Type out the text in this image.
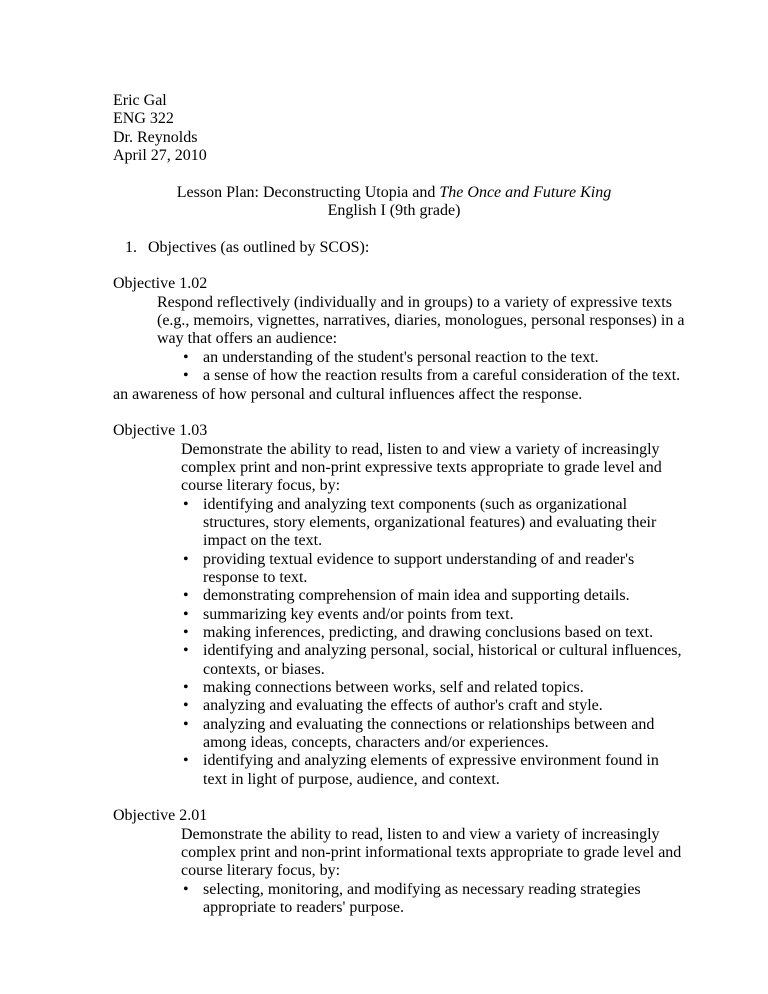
Eric Gal
ENG 322
Dr. Reynolds
April 27, 2010
Lesson Plan: Deconstructing Utopia and The Once and Future King
English I (9th grade)
1. Objectives (as outlined by SCOS):
Objective 1.02
Respond reflectively (individually and in groups) to a variety of expressive texts
(e.g., memoirs, vignettes, narratives, diaries, monologues, personal responses) in a
way that offers an audience:
• an understanding of the student's personal reaction to the text.
• a sense of how the reaction results from a careful consideration of the text.
an awareness of how personal and cultural influences affect the response.
Objective 1.03
Demonstrate the ability to read, listen to and view a variety of increasingly
complex print and non-print expressive texts appropriate to grade level and
course literary focus, by:
• identifying and analyzing text components (such as organizational
structures, story elements, organizational features) and evaluating their
impact on the text.
• providing textual evidence to support understanding of and reader's
response to text.
• demonstrating comprehension of main idea and supporting details.
• summarizing key events and/or points from text.
• making inferences, predicting, and drawing conclusions based on text.
• identifying and analyzing personal, social, historical or cultural influences,
contexts, or biases.
• making connections between works, self and related topics.
• analyzing and evaluating the effects of author's craft and style.
• analyzing and evaluating the connections or relationships between and
among ideas, concepts, characters and/or experiences.
• identifying and analyzing elements of expressive environment found in
text in light of purpose, audience, and context.
Objective 2.01
Demonstrate the ability to read, listen to and view a variety of increasingly
complex print and non-print informational texts appropriate to grade level and
course literary focus, by:
• selecting, monitoring, and modifying as necessary reading strategies
appropriate to readers' purpose.
